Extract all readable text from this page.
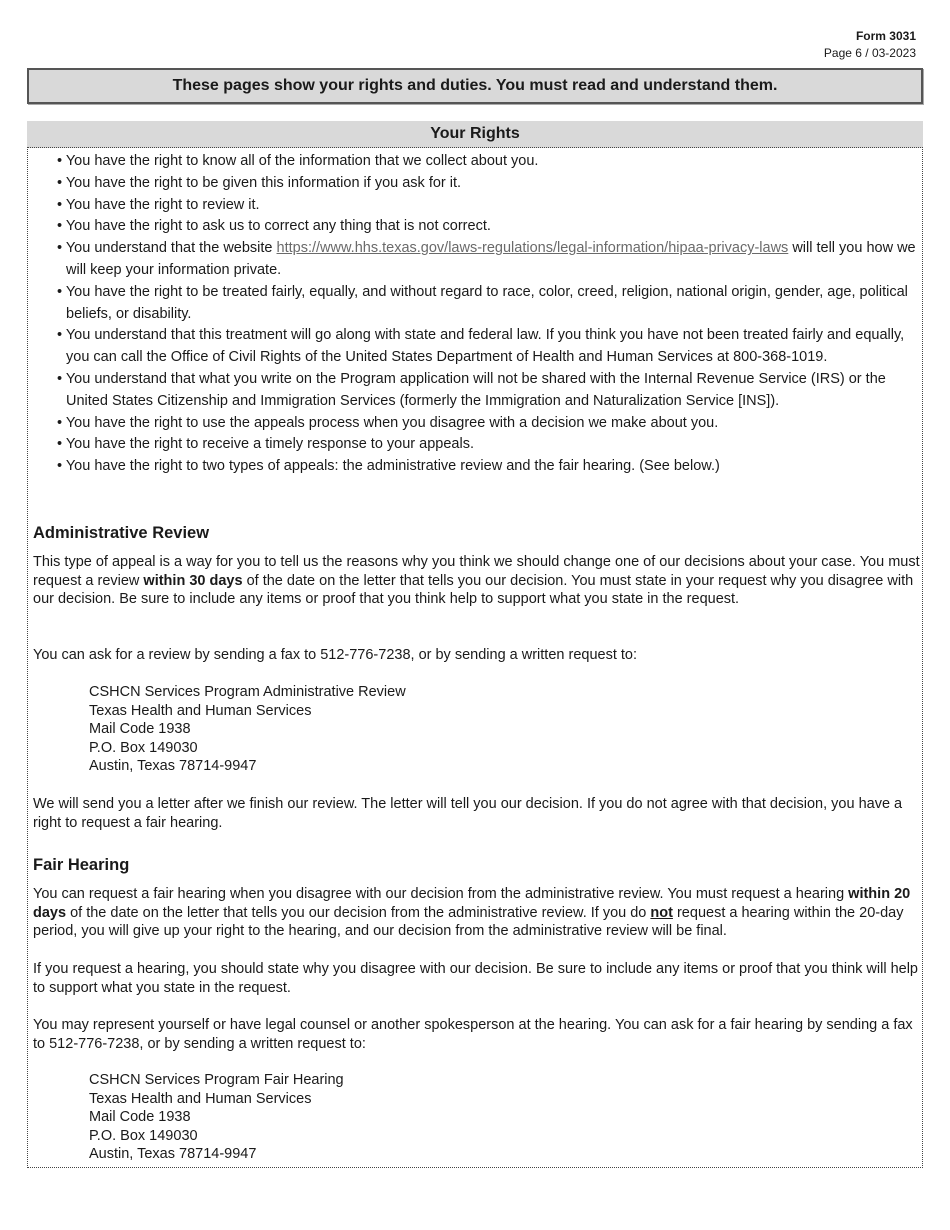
Form 3031
Page 6 / 03-2023
These pages show your rights and duties. You must read and understand them.
Your Rights
• You have the right to know all of the information that we collect about you.
• You have the right to be given this information if you ask for it.
• You have the right to review it.
• You have the right to ask us to correct any thing that is not correct.
• You understand that the website https://www.hhs.texas.gov/laws-regulations/legal-information/hipaa-privacy-laws will tell you how we will keep your information private.
• You have the right to be treated fairly, equally, and without regard to race, color, creed, religion, national origin, gender, age, political beliefs, or disability.
• You understand that this treatment will go along with state and federal law. If you think you have not been treated fairly and equally, you can call the Office of Civil Rights of the United States Department of Health and Human Services at 800-368-1019.
• You understand that what you write on the Program application will not be shared with the Internal Revenue Service (IRS) or the United States Citizenship and Immigration Services (formerly the Immigration and Naturalization Service [INS]).
• You have the right to use the appeals process when you disagree with a decision we make about you.
• You have the right to receive a timely response to your appeals.
• You have the right to two types of appeals: the administrative review and the fair hearing. (See below.)
Administrative Review
This type of appeal is a way for you to tell us the reasons why you think we should change one of our decisions about your case. You must request a review within 30 days of the date on the letter that tells you our decision. You must state in your request why you disagree with our decision. Be sure to include any items or proof that you think help to support what you state in the request.
You can ask for a review by sending a fax to 512-776-7238, or by sending a written request to:
CSHCN Services Program Administrative Review
Texas Health and Human Services
Mail Code 1938
P.O. Box 149030
Austin, Texas 78714-9947
We will send you a letter after we finish our review. The letter will tell you our decision. If you do not agree with that decision, you have a right to request a fair hearing.
Fair Hearing
You can request a fair hearing when you disagree with our decision from the administrative review. You must request a hearing within 20 days of the date on the letter that tells you our decision from the administrative review. If you do not request a hearing within the 20-day period, you will give up your right to the hearing, and our decision from the administrative review will be final.
If you request a hearing, you should state why you disagree with our decision. Be sure to include any items or proof that you think will help to support what you state in the request.
You may represent yourself or have legal counsel or another spokesperson at the hearing. You can ask for a fair hearing by sending a fax to 512-776-7238, or by sending a written request to:
CSHCN Services Program Fair Hearing
Texas Health and Human Services
Mail Code 1938
P.O. Box 149030
Austin, Texas 78714-9947
